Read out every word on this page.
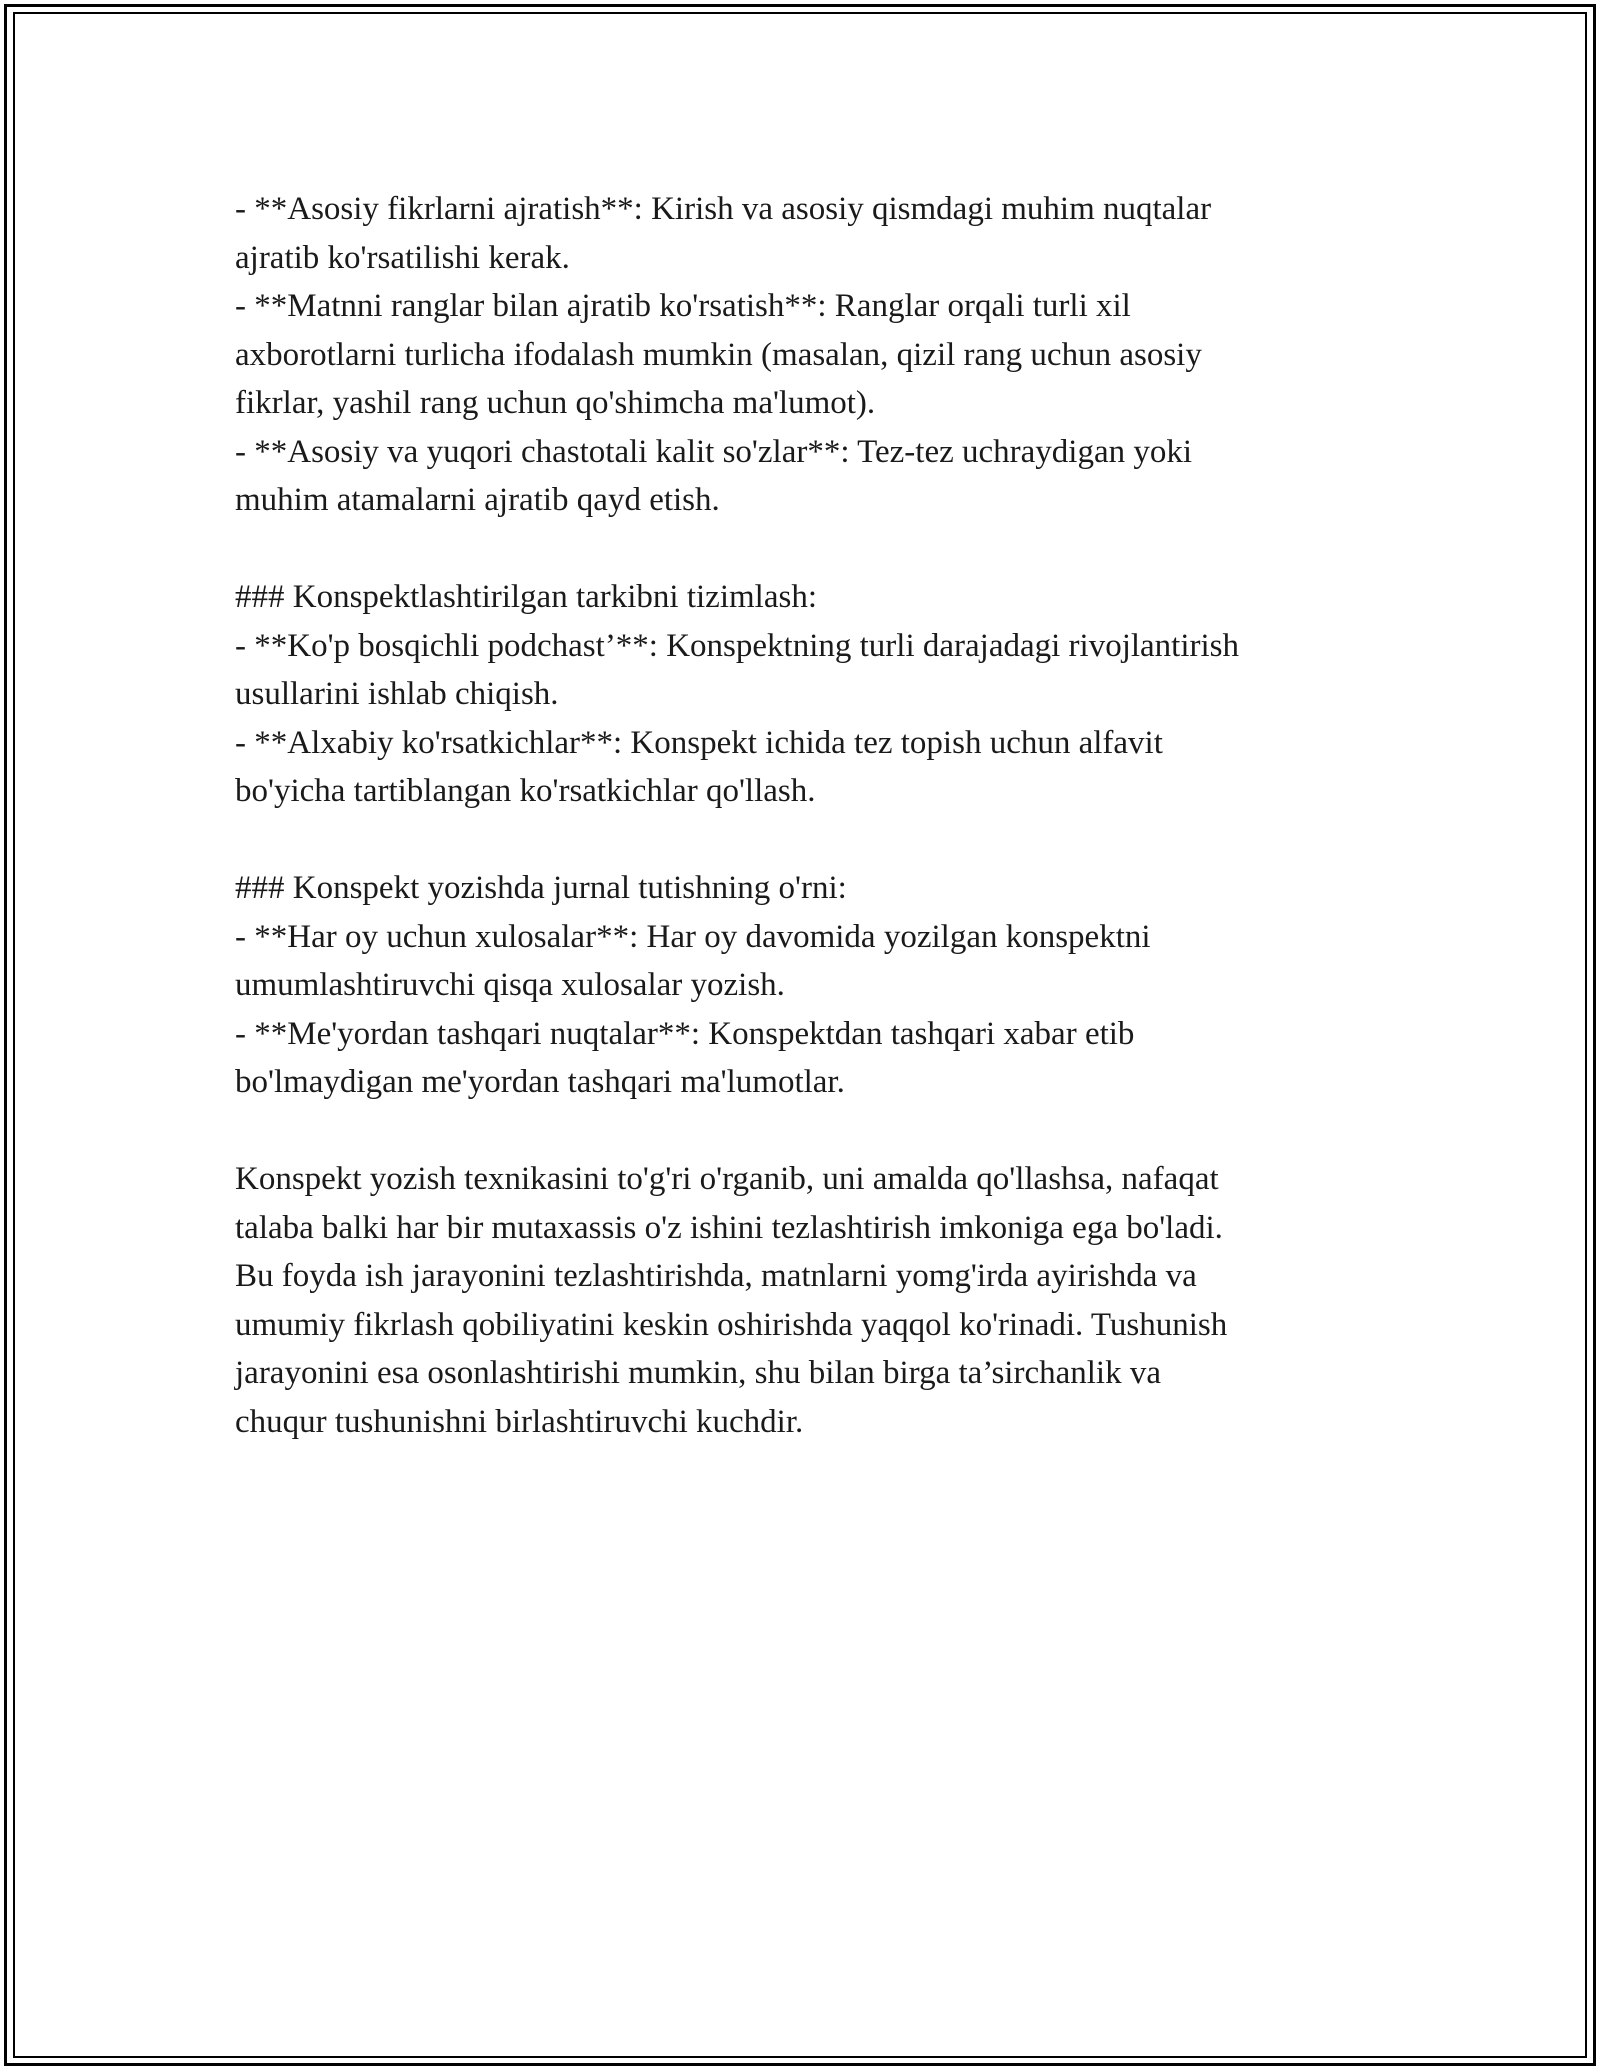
- **Asosiy fikrlarni ajratish**: Kirish va asosiy qismdagi muhim nuqtalar
ajratib ko'rsatilishi kerak.
- **Matnni ranglar bilan ajratib ko'rsatish**: Ranglar orqali turli xil
axborotlarni turlicha ifodalash mumkin (masalan, qizil rang uchun asosiy
fikrlar, yashil rang uchun qo'shimcha ma'lumot).
- **Asosiy va yuqori chastotali kalit so'zlar**: Tez-tez uchraydigan yoki
muhim atamalarni ajratib qayd etish.
### Konspektlashtirilgan tarkibni tizimlash:
- **Ko'p bosqichli podchast’**: Konspektning turli darajadagi rivojlantirish
usullarini ishlab chiqish.
- **Alxabiy ko'rsatkichlar**: Konspekt ichida tez topish uchun alfavit
bo'yicha tartiblangan ko'rsatkichlar qo'llash.
### Konspekt yozishda jurnal tutishning o'rni:
- **Har oy uchun xulosalar**: Har oy davomida yozilgan konspektni
umumlashtiruvchi qisqa xulosalar yozish.
- **Me'yordan tashqari nuqtalar**: Konspektdan tashqari xabar etib
bo'lmaydigan me'yordan tashqari ma'lumotlar.
Konspekt yozish texnikasini to'g'ri o'rganib, uni amalda qo'llashsa, nafaqat
talaba balki har bir mutaxassis o'z ishini tezlashtirish imkoniga ega bo'ladi.
Bu foyda ish jarayonini tezlashtirishda, matnlarni yomg'irda ayirishda va
umumiy fikrlash qobiliyatini keskin oshirishda yaqqol ko'rinadi. Tushunish
jarayonini esa osonlashtirishi mumkin, shu bilan birga ta’sirchanlik va
chuqur tushunishni birlashtiruvchi kuchdir.
